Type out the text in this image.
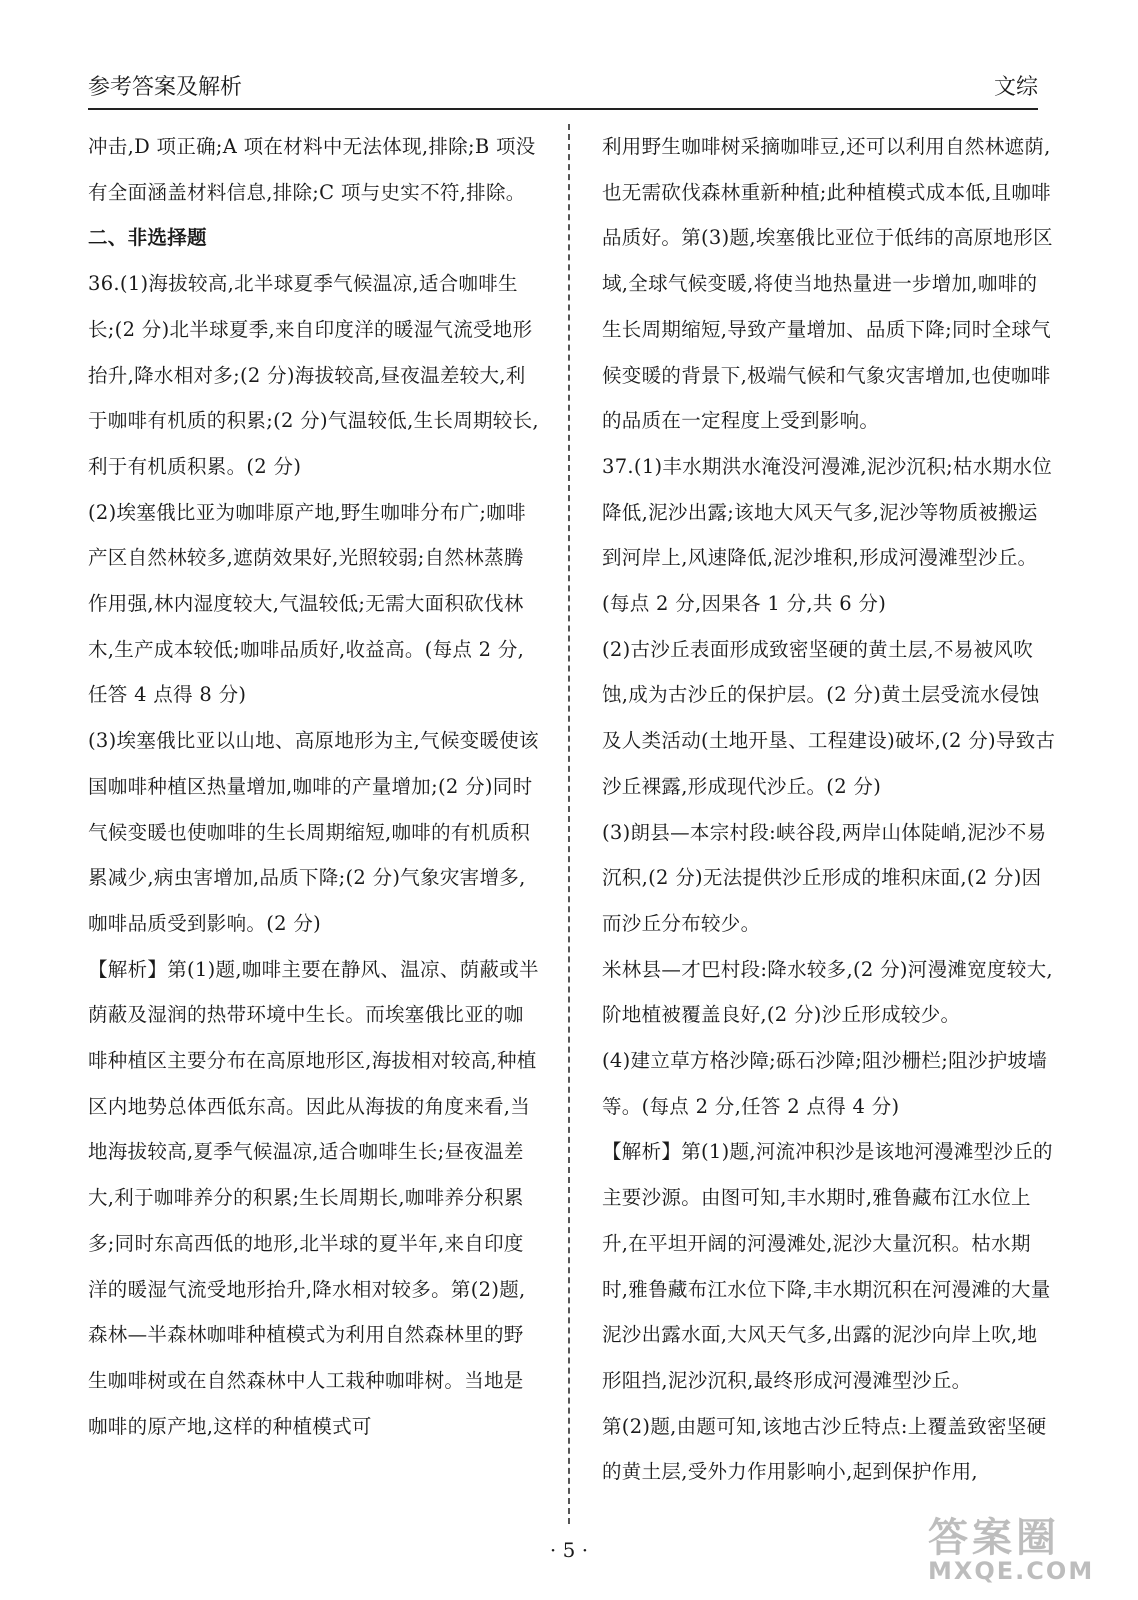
参考答案及解析	文综

冲击,D 项正确;A 项在材料中无法体现,排除;B 项没有全面涵盖材料信息,排除;C 项与史实不符,排除。

二、非选择题

36.(1)海拔较高,北半球夏季气候温凉,适合咖啡生长;(2 分)北半球夏季,来自印度洋的暖湿气流受地形抬升,降水相对多;(2 分)海拔较高,昼夜温差较大,利于咖啡有机质的积累;(2 分)气温较低,生长周期较长,利于有机质积累。(2 分)

(2)埃塞俄比亚为咖啡原产地,野生咖啡分布广;咖啡产区自然林较多,遮荫效果好,光照较弱;自然林蒸腾作用强,林内湿度较大,气温较低;无需大面积砍伐林木,生产成本较低;咖啡品质好,收益高。(每点 2 分,任答 4 点得 8 分)

(3)埃塞俄比亚以山地、高原地形为主,气候变暖使该国咖啡种植区热量增加,咖啡的产量增加;(2 分)同时气候变暖也使咖啡的生长周期缩短,咖啡的有机质积累减少,病虫害增加,品质下降;(2 分)气象灾害增多,咖啡品质受到影响。(2 分)

【解析】第(1)题,咖啡主要在静风、温凉、荫蔽或半荫蔽及湿润的热带环境中生长。而埃塞俄比亚的咖啡种植区主要分布在高原地形区,海拔相对较高,种植区内地势总体西低东高。因此从海拔的角度来看,当地海拔较高,夏季气候温凉,适合咖啡生长;昼夜温差大,利于咖啡养分的积累;生长周期长,咖啡养分积累多;同时东高西低的地形,北半球的夏半年,来自印度洋的暖湿气流受地形抬升,降水相对较多。第(2)题,森林—半森林咖啡种植模式为利用自然森林里的野生咖啡树或在自然森林中人工栽种咖啡树。当地是咖啡的原产地,这样的种植模式可

利用野生咖啡树采摘咖啡豆,还可以利用自然林遮荫,也无需砍伐森林重新种植;此种植模式成本低,且咖啡品质好。第(3)题,埃塞俄比亚位于低纬的高原地形区域,全球气候变暖,将使当地热量进一步增加,咖啡的生长周期缩短,导致产量增加、品质下降;同时全球气候变暖的背景下,极端气候和气象灾害增加,也使咖啡的品质在一定程度上受到影响。

37.(1)丰水期洪水淹没河漫滩,泥沙沉积;枯水期水位降低,泥沙出露;该地大风天气多,泥沙等物质被搬运到河岸上,风速降低,泥沙堆积,形成河漫滩型沙丘。(每点 2 分,因果各 1 分,共 6 分)

(2)古沙丘表面形成致密坚硬的黄土层,不易被风吹蚀,成为古沙丘的保护层。(2 分)黄土层受流水侵蚀及人类活动(土地开垦、工程建设)破坏,(2 分)导致古沙丘裸露,形成现代沙丘。(2 分)

(3)朗县—本宗村段:峡谷段,两岸山体陡峭,泥沙不易沉积,(2 分)无法提供沙丘形成的堆积床面,(2 分)因而沙丘分布较少。

米林县—才巴村段:降水较多,(2 分)河漫滩宽度较大,阶地植被覆盖良好,(2 分)沙丘形成较少。

(4)建立草方格沙障;砾石沙障;阻沙栅栏;阻沙护坡墙等。(每点 2 分,任答 2 点得 4 分)

【解析】第(1)题,河流冲积沙是该地河漫滩型沙丘的主要沙源。由图可知,丰水期时,雅鲁藏布江水位上升,在平坦开阔的河漫滩处,泥沙大量沉积。枯水期时,雅鲁藏布江水位下降,丰水期沉积在河漫滩的大量泥沙出露水面,大风天气多,出露的泥沙向岸上吹,地形阻挡,泥沙沉积,最终形成河漫滩型沙丘。

第(2)题,由题可知,该地古沙丘特点:上覆盖致密坚硬的黄土层,受外力作用影响小,起到保护作用,

· 5 ·	答案圈
MXQE.COM
